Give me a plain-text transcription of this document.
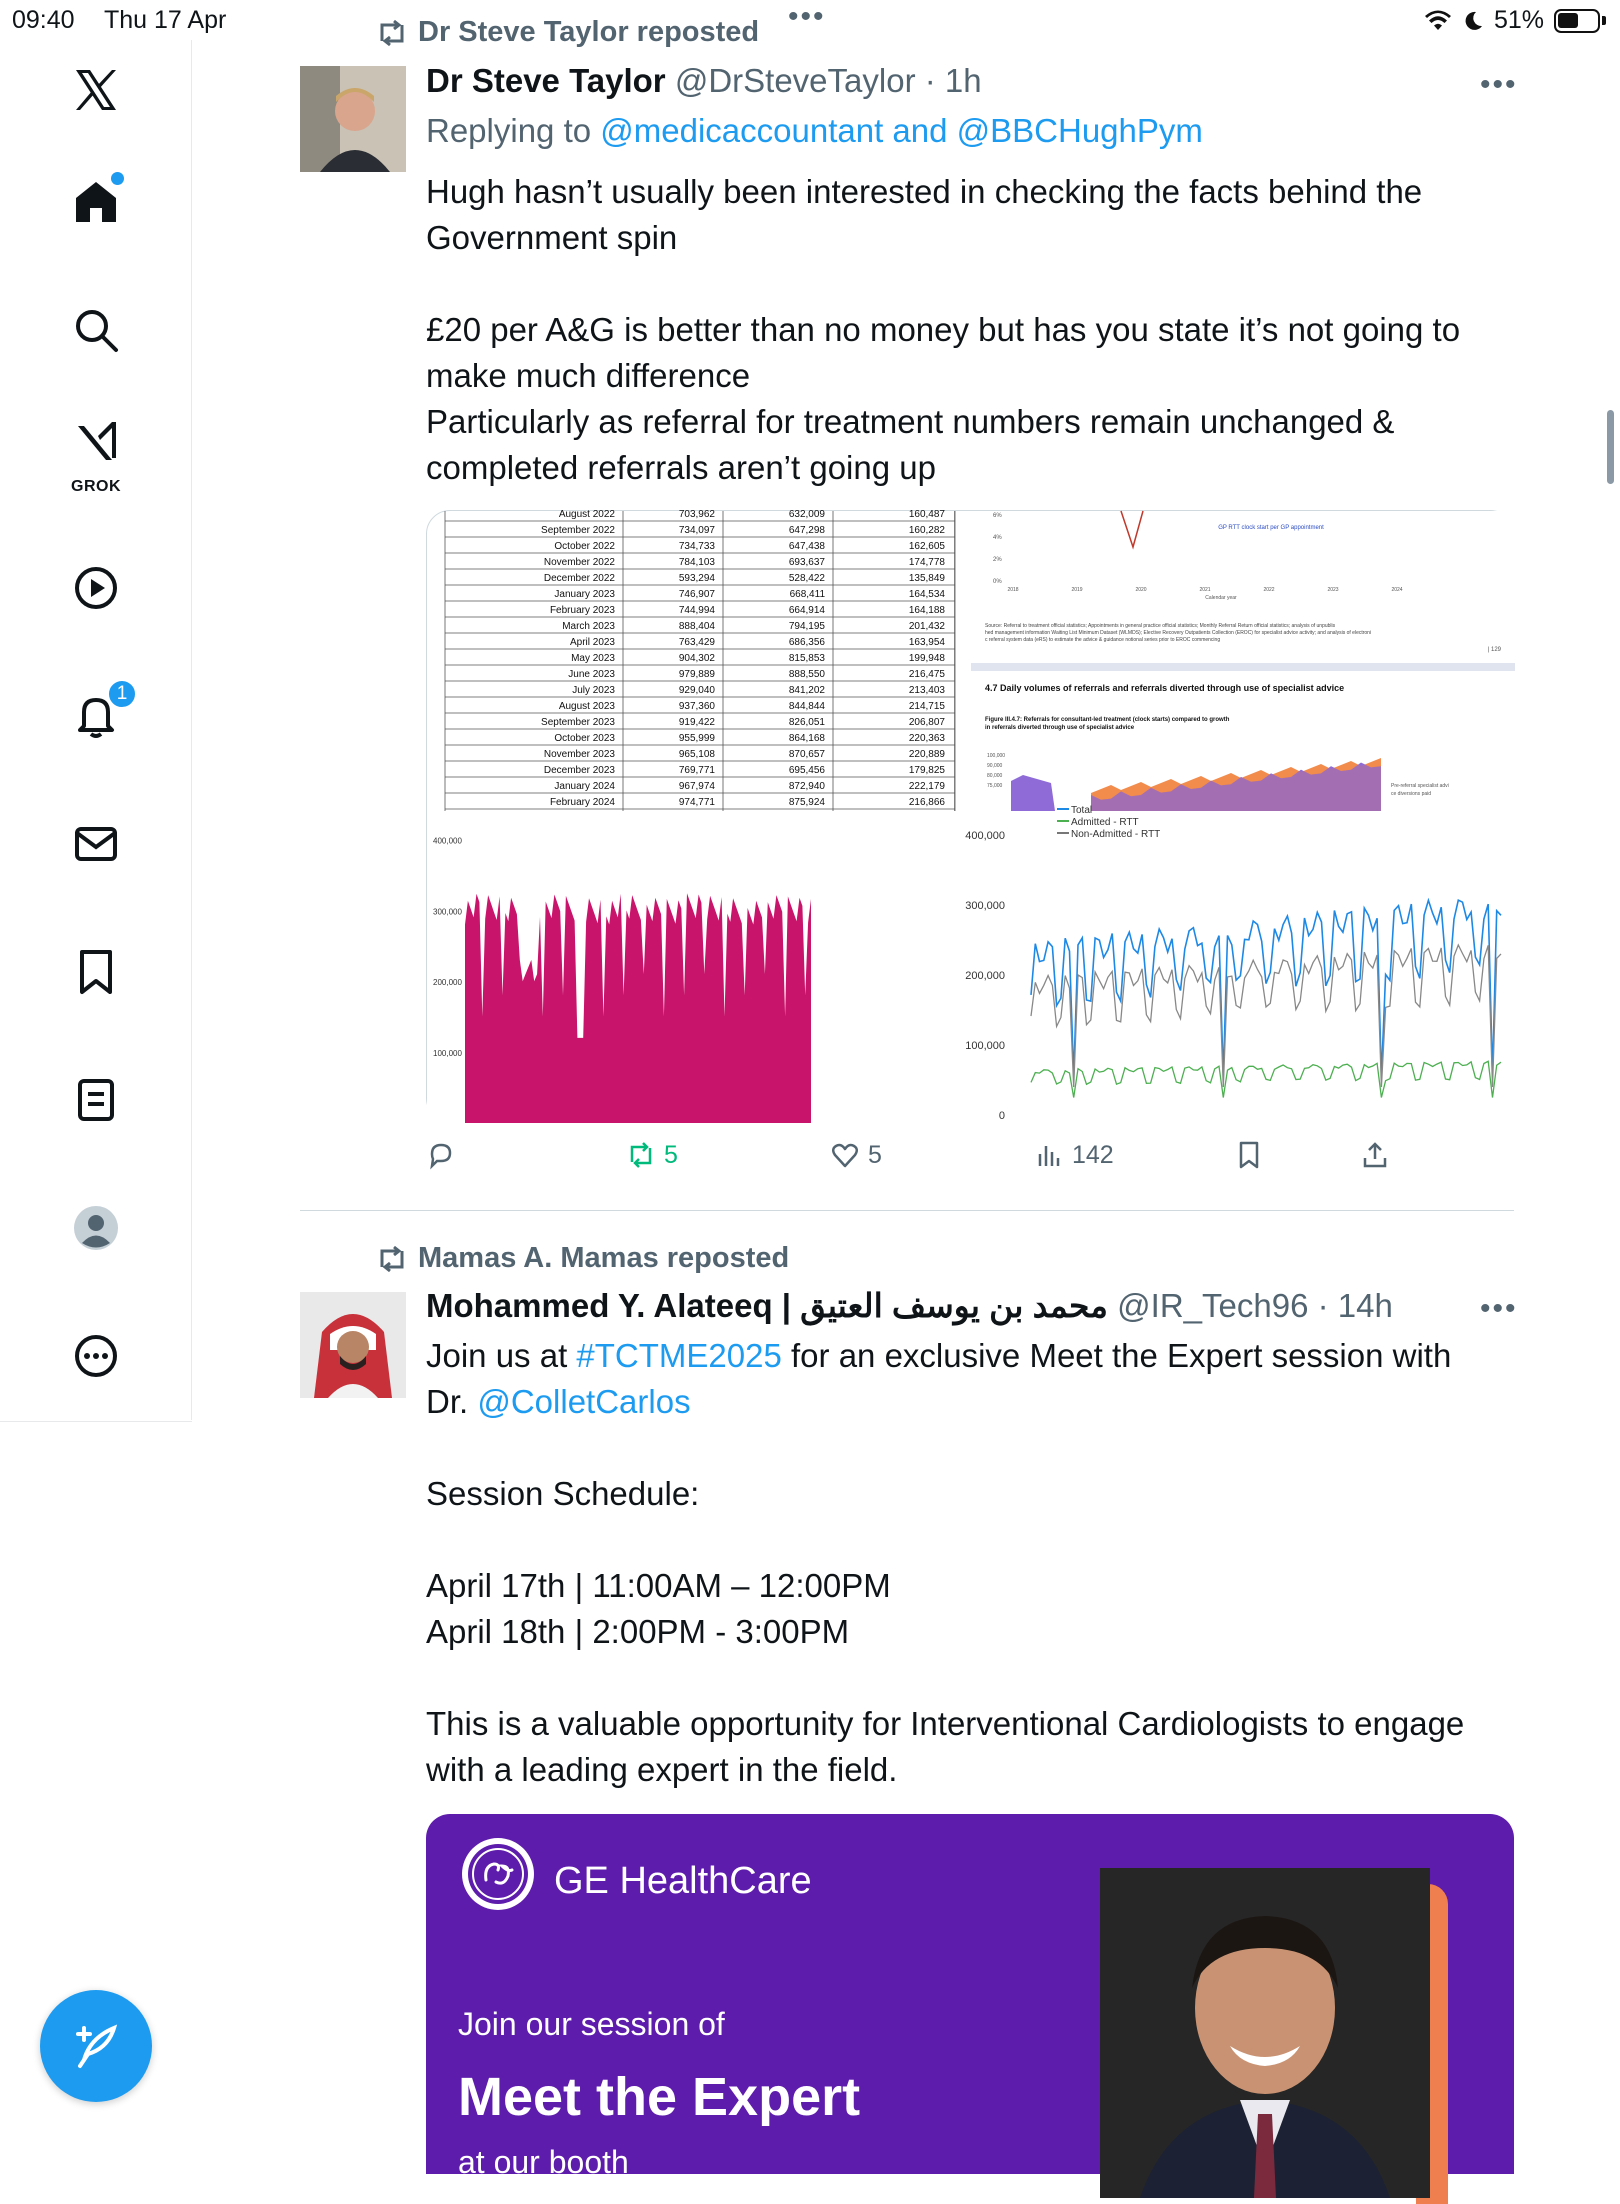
09:40 Thu 17 Apr	51%
GROK
1
Dr Steve Taylor reposted •••
Dr Steve Taylor @DrSteveTaylor · 1h	•••
Replying to @medicaccountant and @BBCHughPym
Hugh hasn’t usually been interested in checking the facts behind the
Government spin

£20 per A&G is better than no money but has you state it’s not going to
make much difference
Particularly as referral for treatment numbers remain unchanged &
completed referrals aren’t going up
August 2022	703,962	632,009	160,487
September 2022	734,097	647,298	160,282
October 2022	734,733	647,438	162,605
November 2022	784,103	693,637	174,778
December 2022	593,294	528,422	135,849
January 2023	746,907	668,411	164,534
February 2023	744,994	664,914	164,188
March 2023	888,404	794,195	201,432
April 2023	763,429	686,356	163,954
May 2023	904,302	815,853	199,948
June 2023	979,889	888,550	216,475
July 2023	929,040	841,202	213,403
August 2023	937,360	844,844	214,715
September 2023	919,422	826,051	206,807
October 2023	955,999	864,168	220,363
November 2023	965,108	870,657	220,889
December 2023	769,771	695,456	179,825
January 2024	967,974	872,940	222,179
February 2024	974,771	875,924	216,866
6%
4%
2%
0%
GP RTT clock start per GP appointment
2018	2019	2020	2021	2022	2023	2024
Calendar year
Source: Referral to treatment official statistics; Appointments in general practice official statistics; Monthly Referral Return official statistics; analysis of unpublis
hed management information Waiting List Minimum Dataset (WLMDS); Elective Recovery Outpatients Collection (EROC) for specialist advice activity; and analysis of electroni
c referral system data (eRS) to estimate the advice & guidance notional series prior to EROC commencing
| 129
4.7 Daily volumes of referrals and referrals diverted through use of specialist advice
Figure III.4.7: Referrals for consultant-led treatment (clock starts) compared to growth
in referrals diverted through use of specialist advice
100,000
90,000
80,000
75,000	Pre-referral specialist advi
ce diversions paid
400,000
300,000
200,000
100,000
400,000
300,000
200,000
100,000
0
Total
Admitted - RTT
Non-Admitted - RTT
5	5	142
Mamas A. Mamas reposted
Mohammed Y. Alateeq | محمد بن يوسف العتيق @IR_Tech96 · 14h	•••
Join us at #TCTME2025 for an exclusive Meet the Expert session with
Dr. @ColletCarlos
Session Schedule:

April 17th | 11:00AM – 12:00PM
April 18th | 2:00PM - 3:00PM

This is a valuable opportunity for Interventional Cardiologists to engage
with a leading expert in the field.
GE HealthCare
Join our session of
Meet the Expert
at our booth
